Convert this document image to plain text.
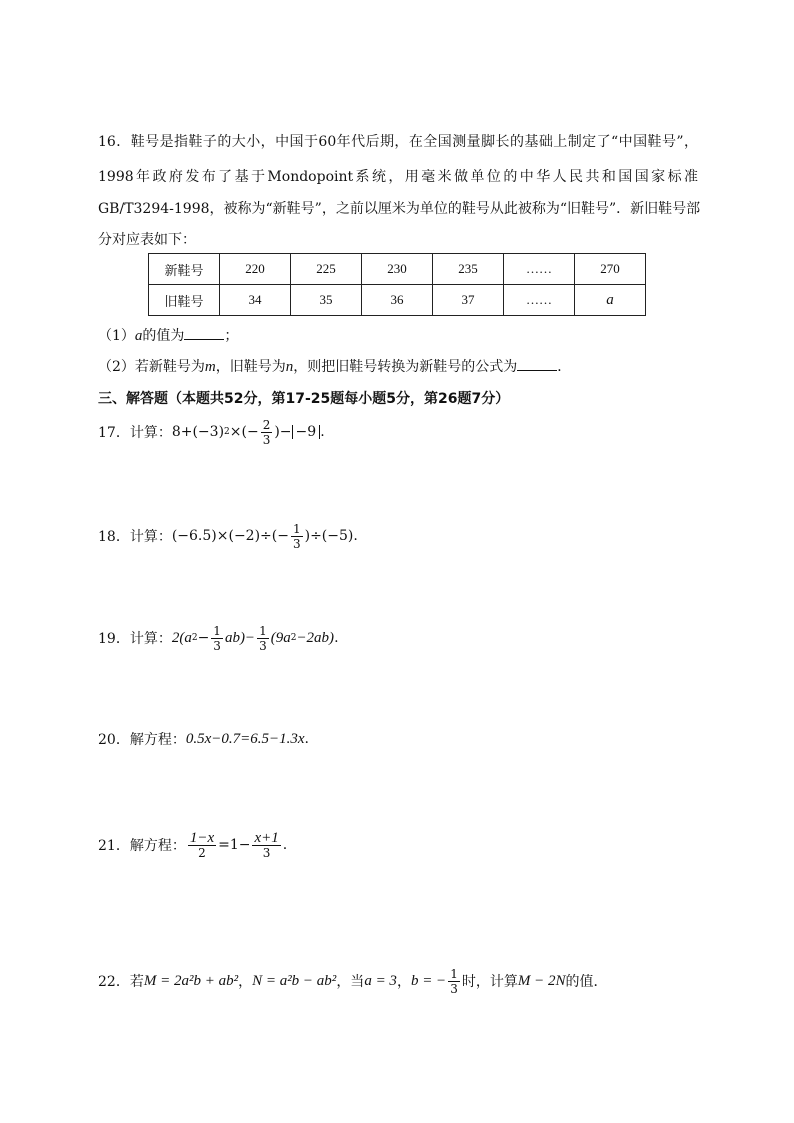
16．鞋号是指鞋子的大小，中国于60年代后期，在全国测量脚长的基础上制定了“中国鞋号”，
1998年政府发布了基于Mondopoint系统，用毫米做单位的中华人民共和国国家标准
GB/T3294-1998，被称为“新鞋号”，之前以厘米为单位的鞋号从此被称为“旧鞋号”．新旧鞋号部
分对应表如下：
新鞋号	220	225	230	235	……	270
旧鞋号	34	35	36	37	……	a
（1）a的值为	；
（2）若新鞋号为m，旧鞋号为n，则把旧鞋号转换为新鞋号的公式为	．
三、解答题（本题共52分，第17-25题每小题5分，第26题7分）
17．计算： 8+(−3) 2 ×(− $\frac{2}{3}$ )− −9 .
18．计算： $(-6.5)\times(-2)\div(- \frac{1}{3} )\div(-5)$ .
19．计算： 2(a $2 - \frac{1}{3} ab)- \frac{1}{3} (9a$ 2 −2ab) .
20．解方程： 0.5x−0.7=6.5−1.3x .
21．解方程： $\frac{1-x}{2} =1- \frac{x+1}{3}$ .
22．若 M = 2a²b + ab² ， N = a²b − ab² ，当 a = 3 ， b = − $\frac{1}{3}$ 时，计算 M − 2N 的值．
